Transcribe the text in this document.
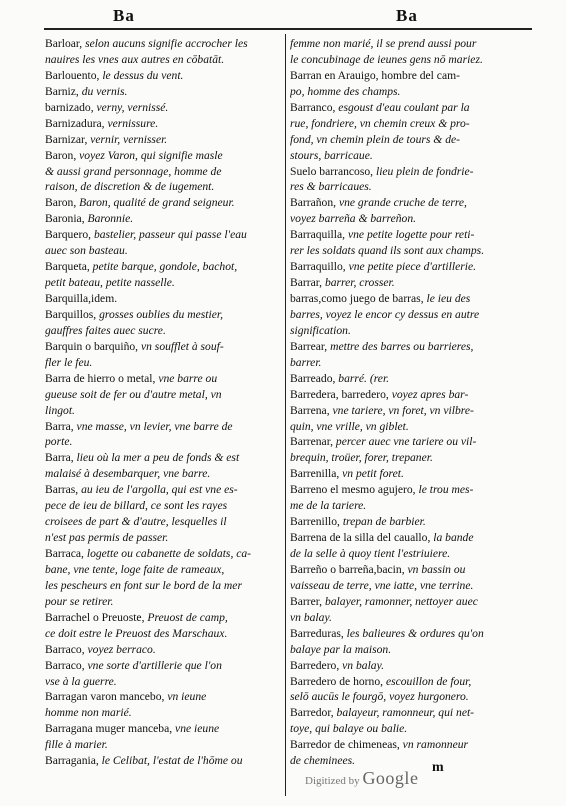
Ba	Ba
Barloar, selon aucuns signifie accrocher les
nauires les vnes aux autres en cōbatāt.
Barlouento, le dessus du vent.
Barniz, du vernis.
barnizado, verny, vernissé.
Barnizadura, vernissure.
Barnizar, vernir, vernisser.
Baron, voyez Varon, qui signifie masle
& aussi grand personnage, homme de
raison, de discretion & de iugement.
Baron, Baron, qualité de grand seigneur.
Baronia, Baronnie.
Barquero, bastelier, passeur qui passe l'eau
auec son basteau.
Barqueta, petite barque, gondole, bachot,
petit bateau, petite nasselle.
Barquilla,idem.
Barquillos, grosses oublies du mestier,
gauffres faites auec sucre.
Barquin o barquiño, vn soufflet à souf-
fler le feu.
Barra de hierro o metal, vne barre ou
gueuse soit de fer ou d'autre metal, vn
lingot.
Barra, vne masse, vn levier, vne barre de
porte.
Barra, lieu où la mer a peu de fonds & est
malaisé à desembarquer, vne barre.
Barras, au ieu de l'argolla, qui est vne es-
pece de ieu de billard, ce sont les rayes
croisees de part & d'autre, lesquelles il
n'est pas permis de passer.
Barraca, logette ou cabanette de soldats, ca-
bane, vne tente, loge faite de rameaux,
les pescheurs en font sur le bord de la mer
pour se retirer.
Barrachel o Preuoste, Preuost de camp,
ce doit estre le Preuost des Marschaux.
Barraco, voyez berraco.
Barraco, vne sorte d'artillerie que l'on
vse à la guerre.
Barragan varon mancebo, vn ieune
homme non marié.
Barragana muger manceba, vne ieune
fille à marier.
Barragania, le Celibat, l'estat de l'hōme ou
femme non marié, il se prend aussi pour
le concubinage de ieunes gens nō mariez.
Barran en Arauigo, hombre del cam-
po, homme des champs.
Barranco, esgoust d'eau coulant par la
rue, fondriere, vn chemin creux & pro-
fond, vn chemin plein de tours & de-
stours, barricaue.
Suelo barrancoso, lieu plein de fondrie-
res & barricaues.
Barrañon, vne grande cruche de terre,
voyez barreña & barreñon.
Barraquilla, vne petite logette pour reti-
rer les soldats quand ils sont aux champs.
Barraquillo, vne petite piece d'artillerie.
Barrar, barrer, crosser.
barras,como juego de barras, le ieu des
barres, voyez le encor cy dessus en autre
signification.
Barrear, mettre des barres ou barrieres,
barrer.
Barreado, barré. (rer.
Barredera, barredero, voyez apres bar-
Barrena, vne tariere, vn foret, vn vilbre-
quin, vne vrille, vn giblet.
Barrenar, percer auec vne tariere ou vil-
brequin, troüer, forer, trepaner.
Barrenilla, vn petit foret.
Barreno el mesmo agujero, le trou mes-
me de la tariere.
Barrenillo, trepan de barbier.
Barrena de la silla del cauallo, la bande
de la selle à quoy tient l'estriuiere.
Barreño o barreña,bacin, vn bassin ou
vaisseau de terre, vne iatte, vne terrine.
Barrer, balayer, ramonner, nettoyer auec
vn balay.
Barreduras, les balieures & ordures qu'on
balaye par la maison.
Barredero, vn balay.
Barredero de horno, escouillon de four,
selō aucūs le fourgō, voyez hurgonero.
Barredor, balayeur, ramonneur, qui net-
toye, qui balaye ou balie.
Barredor de chimeneas, vn ramonneur
de cheminees.	m
Digitized by Google
